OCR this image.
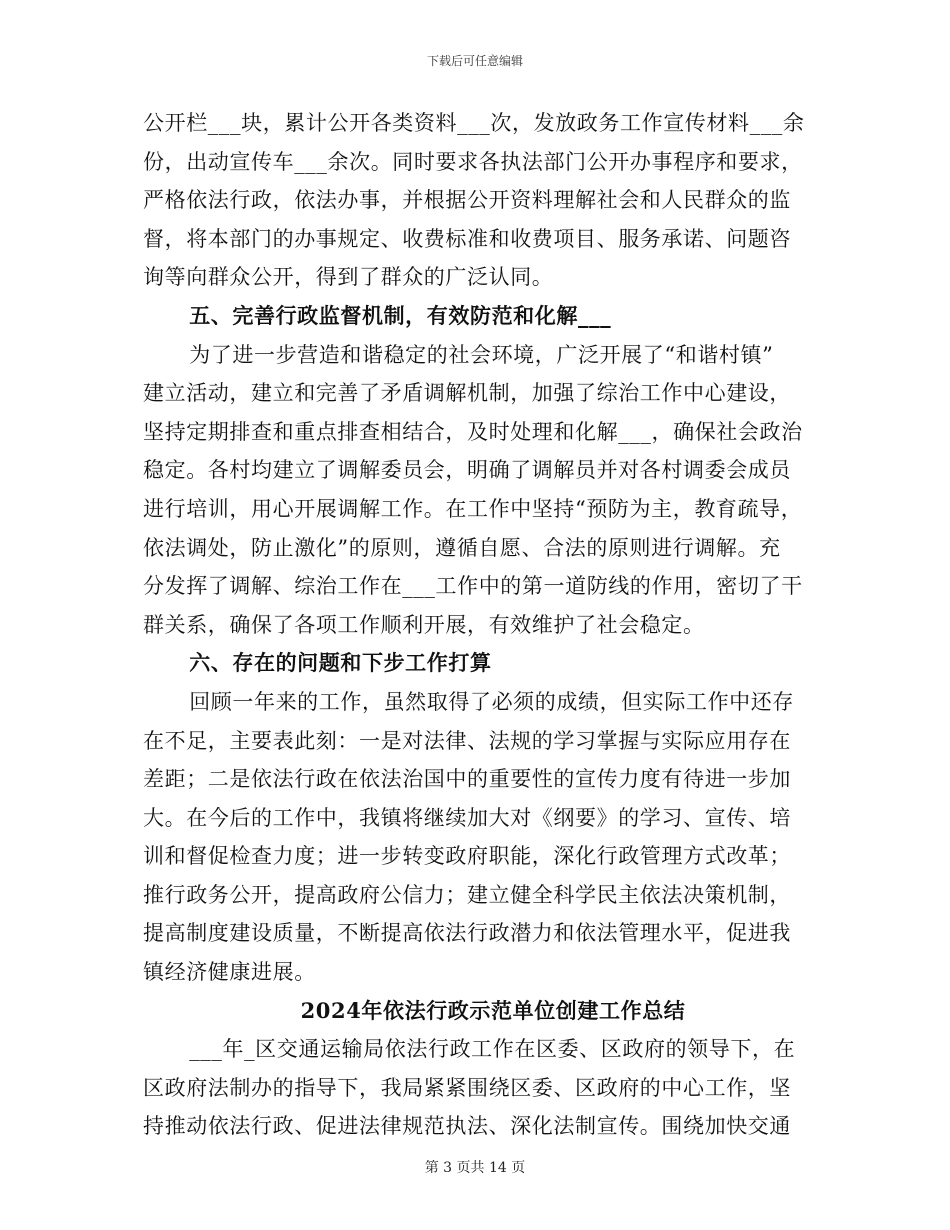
下载后可任意编辑
公开栏___块，累计公开各类资料___次，发放政务工作宣传材料___余
份，出动宣传车___余次。同时要求各执法部门公开办事程序和要求，
严格依法行政，依法办事，并根据公开资料理解社会和人民群众的监
督，将本部门的办事规定、收费标准和收费项目、服务承诺、问题咨
询等向群众公开，得到了群众的广泛认同。
五、完善行政监督机制，有效防范和化解___
为了进一步营造和谐稳定的社会环境，广泛开展了“和谐村镇”
建立活动，建立和完善了矛盾调解机制，加强了综治工作中心建设，
坚持定期排查和重点排查相结合，及时处理和化解___，确保社会政治
稳定。各村均建立了调解委员会，明确了调解员并对各村调委会成员
进行培训，用心开展调解工作。在工作中坚持“预防为主，教育疏导，
依法调处，防止激化”的原则，遵循自愿、合法的原则进行调解。充
分发挥了调解、综治工作在___工作中的第一道防线的作用，密切了干
群关系，确保了各项工作顺利开展，有效维护了社会稳定。
六、存在的问题和下步工作打算
回顾一年来的工作，虽然取得了必须的成绩，但实际工作中还存
在不足，主要表此刻：一是对法律、法规的学习掌握与实际应用存在
差距；二是依法行政在依法治国中的重要性的宣传力度有待进一步加
大。在今后的工作中，我镇将继续加大对《纲要》的学习、宣传、培
训和督促检查力度；进一步转变政府职能，深化行政管理方式改革；
推行政务公开，提高政府公信力；建立健全科学民主依法决策机制，
提高制度建设质量，不断提高依法行政潜力和依法管理水平，促进我
镇经济健康进展。
2024年依法行政示范单位创建工作总结
___年_区交通运输局依法行政工作在区委、区政府的领导下，在
区政府法制办的指导下，我局紧紧围绕区委、区政府的中心工作，坚
持推动依法行政、促进法律规范执法、深化法制宣传。围绕加快交通
第 3 页共 14 页
